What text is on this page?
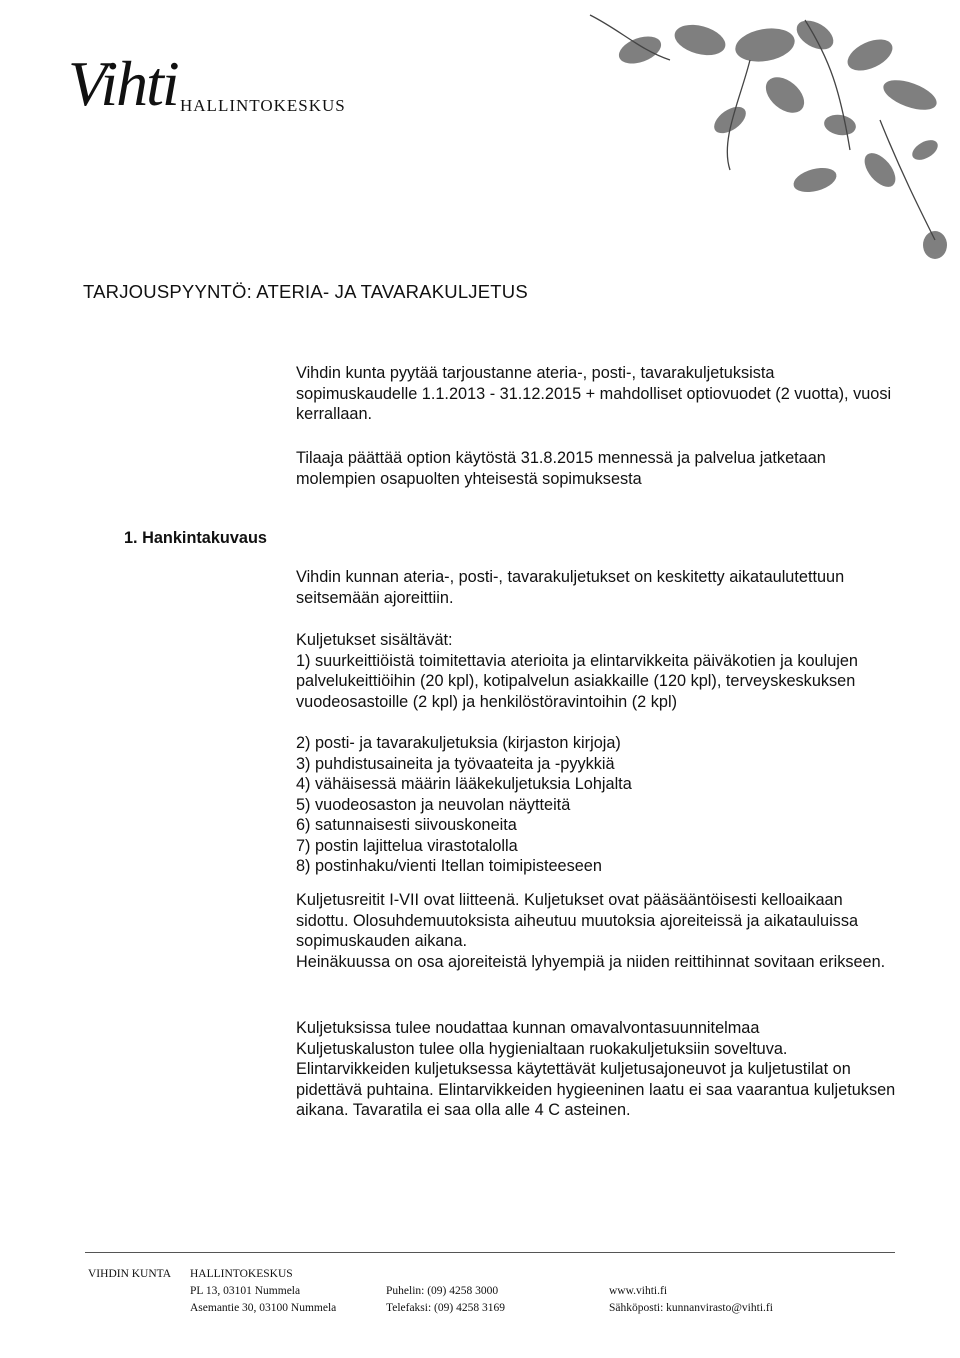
Vihti HALLINTOKESKUS
TARJOUSPYYNTÖ: ATERIA- JA TAVARAKULJETUS

Vihdin kunta pyytää tarjoustanne ateria-, posti-, tavarakuljetuksista sopimuskaudelle 1.1.2013 - 31.12.2015 + mahdolliset optiovuodet (2 vuotta), vuosi kerrallaan.

Tilaaja päättää option käytöstä 31.8.2015 mennessä ja palvelua jatketaan molempien osapuolten yhteisestä sopimuksesta

1. Hankintakuvaus

Vihdin kunnan ateria-, posti-, tavarakuljetukset on keskitetty aikataulutettuun seitsemään ajoreittiin.

Kuljetukset sisältävät:

1) suurkeittiöistä toimitettavia aterioita ja elintarvikkeita päiväkotien ja koulujen palvelukeittiöihin (20 kpl), kotipalvelun asiakkaille (120 kpl), terveyskeskuksen vuodeosastoille (2 kpl) ja henkilöstöravintoihin (2 kpl)

2) posti- ja tavarakuljetuksia (kirjaston kirjoja)
3) puhdistusaineita ja työvaateita ja -pyykkiä
4) vähäisessä määrin lääkekuljetuksia Lohjalta
5) vuodeosaston ja neuvolan näytteitä
6) satunnaisesti siivouskoneita
7) postin lajittelua virastotalolla
8) postinhaku/vienti Itellan toimipisteeseen

Kuljetusreitit I-VII ovat liitteenä. Kuljetukset ovat pääsääntöisesti kelloaikaan sidottu. Olosuhdemuutoksista aiheutuu muutoksia ajoreiteissä ja aikatauluissa sopimuskauden aikana.

Heinäkuussa on osa ajoreiteistä lyhyempiä ja niiden reittihinnat sovitaan erikseen.

Kuljetuksissa tulee noudattaa kunnan omavalvontasuunnitelmaa

Kuljetuskaluston tulee olla hygienialtaan ruokakuljetuksiin soveltuva. Elintarvikkeiden kuljetuksessa käytettävät kuljetusajoneuvot ja kuljetustilat on pidettävä puhtaina. Elintarvikkeiden hygieeninen laatu ei saa vaarantua kuljetuksen aikana. Tavaratila ei saa olla alle 4 C asteinen.

VIHDIN KUNTA HALLINTOKESKUS
PL 13, 03101 Nummela
Asemantie 30, 03100 Nummela

Puhelin: (09) 4258 3000
Telefaksi: (09) 4258 3169

www.vihti.fi
Sähköposti: kunnanvirasto@vihti.fi
